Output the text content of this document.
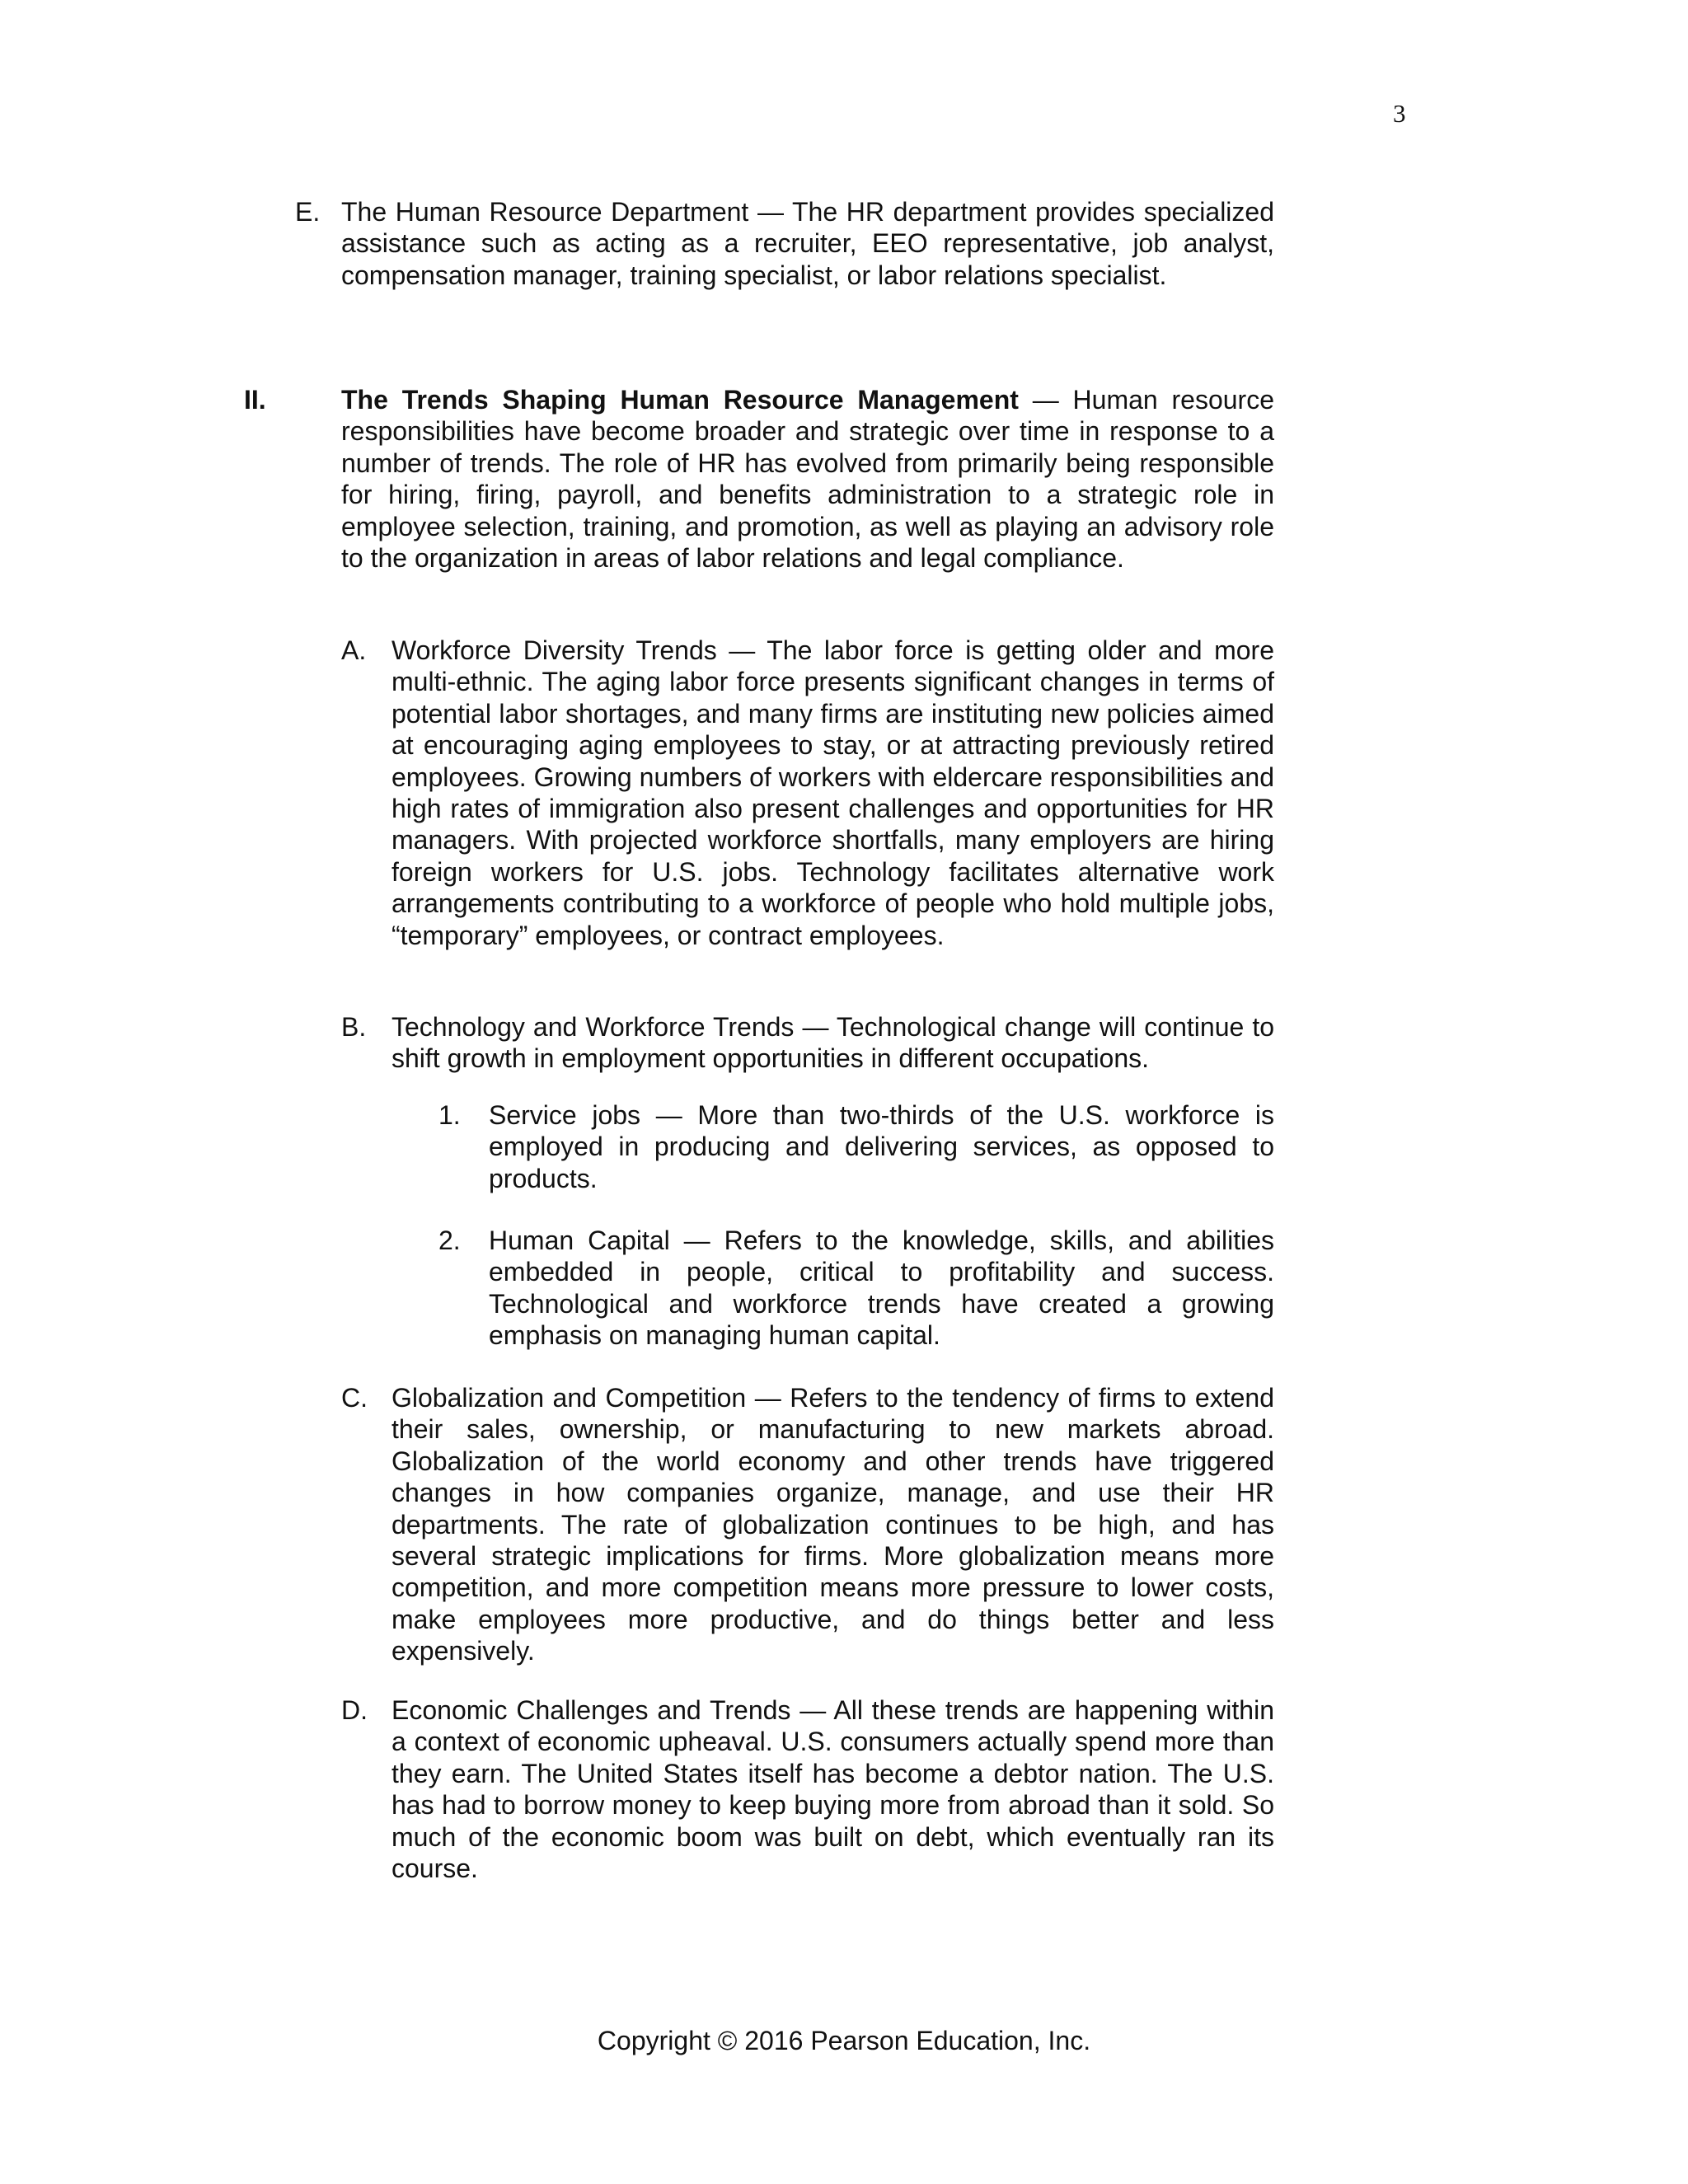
3
E. The Human Resource Department — The HR department provides specialized assistance such as acting as a recruiter, EEO representative, job analyst, compensation manager, training specialist, or labor relations specialist.
II.	The Trends Shaping Human Resource Management — Human resource responsibilities have become broader and strategic over time in response to a number of trends. The role of HR has evolved from primarily being responsible for hiring, firing, payroll, and benefits administration to a strategic role in employee selection, training, and promotion, as well as playing an advisory role to the organization in areas of labor relations and legal compliance.
A. Workforce Diversity Trends — The labor force is getting older and more multi-ethnic. The aging labor force presents significant changes in terms of potential labor shortages, and many firms are instituting new policies aimed at encouraging aging employees to stay, or at attracting previously retired employees. Growing numbers of workers with eldercare responsibilities and high rates of immigration also present challenges and opportunities for HR managers. With projected workforce shortfalls, many employers are hiring foreign workers for U.S. jobs. Technology facilitates alternative work arrangements contributing to a workforce of people who hold multiple jobs, “temporary” employees, or contract employees.
B. Technology and Workforce Trends — Technological change will continue to shift growth in employment opportunities in different occupations.
1. Service jobs — More than two-thirds of the U.S. workforce is employed in producing and delivering services, as opposed to products.
2. Human Capital — Refers to the knowledge, skills, and abilities embedded in people, critical to profitability and success. Technological and workforce trends have created a growing emphasis on managing human capital.
C. Globalization and Competition — Refers to the tendency of firms to extend their sales, ownership, or manufacturing to new markets abroad. Globalization of the world economy and other trends have triggered changes in how companies organize, manage, and use their HR departments. The rate of globalization continues to be high, and has several strategic implications for firms. More globalization means more competition, and more competition means more pressure to lower costs, make employees more productive, and do things better and less expensively.
D. Economic Challenges and Trends — All these trends are happening within a context of economic upheaval. U.S. consumers actually spend more than they earn. The United States itself has become a debtor nation. The U.S. has had to borrow money to keep buying more from abroad than it sold. So much of the economic boom was built on debt, which eventually ran its course.
Copyright © 2016 Pearson Education, Inc.
